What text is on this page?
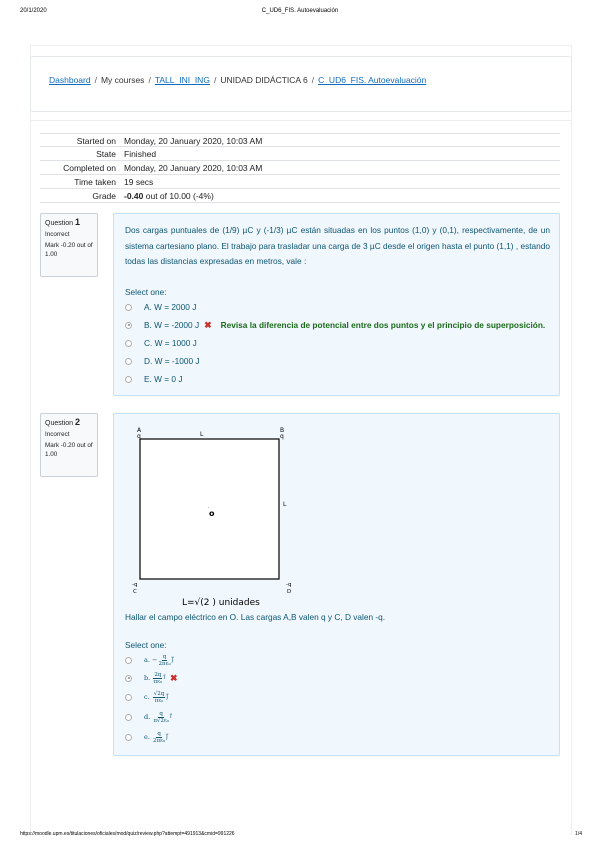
20/1/2020	C_UD6_FIS. Autoevaluación
Dashboard / My courses / TALL_INI_ING / UNIDAD DIDÁCTICA 6 / C_UD6_FIS. Autoevaluación
Started on Monday, 20 January 2020, 10:03 AM
State Finished
Completed on Monday, 20 January 2020, 10:03 AM
Time taken 19 secs
Grade -0.40 out of 10.00 (-4%)
Question 1
Incorrect
Mark -0.20 out of 1.00
Dos cargas puntuales de (1/9) µC y (-1/3) µC están situadas en los puntos (1,0) y (0,1), respectivamente, de un sistema cartesiano plano. El trabajo para trasladar una carga de 3 µC desde el origen hasta el punto (1,1) , estando todas las distancias expresadas en metros, vale :
Select one:
A. W = 2000 J
B. W = -2000 J ✖ Revisa la diferencia de potencial entre dos puntos y el principio de superposición.
C. W = 1000 J
D. W = -1000 J
E. W = 0 J
Question 2
Incorrect
Mark -0.20 out of 1.00
A
q
B
q
L
L
.
o
-q
C
-q
D
L=√(2 ) unidades
Hallar el campo eléctrico en O. Las cargas A,B valen q y C, D valen -q.
Select one:
a.
− $\frac{q}{\text{2πε₀}}$ j⃗
b.
$\frac{2q}{\text{πε₀}}$ i⃗ ✖
c.
$\frac{√2q}{\text{πε₀}}$ j⃗
d.
$\frac{q}{\text{π√2ε₀}}$ i⃗
e.
$\frac{q}{\text{2πε₀}}$ j⃗
https://moodle.upm.es/titulaciones/oficiales/mod/quiz/review.php?attempt=491913&cmid=991226	1/4
